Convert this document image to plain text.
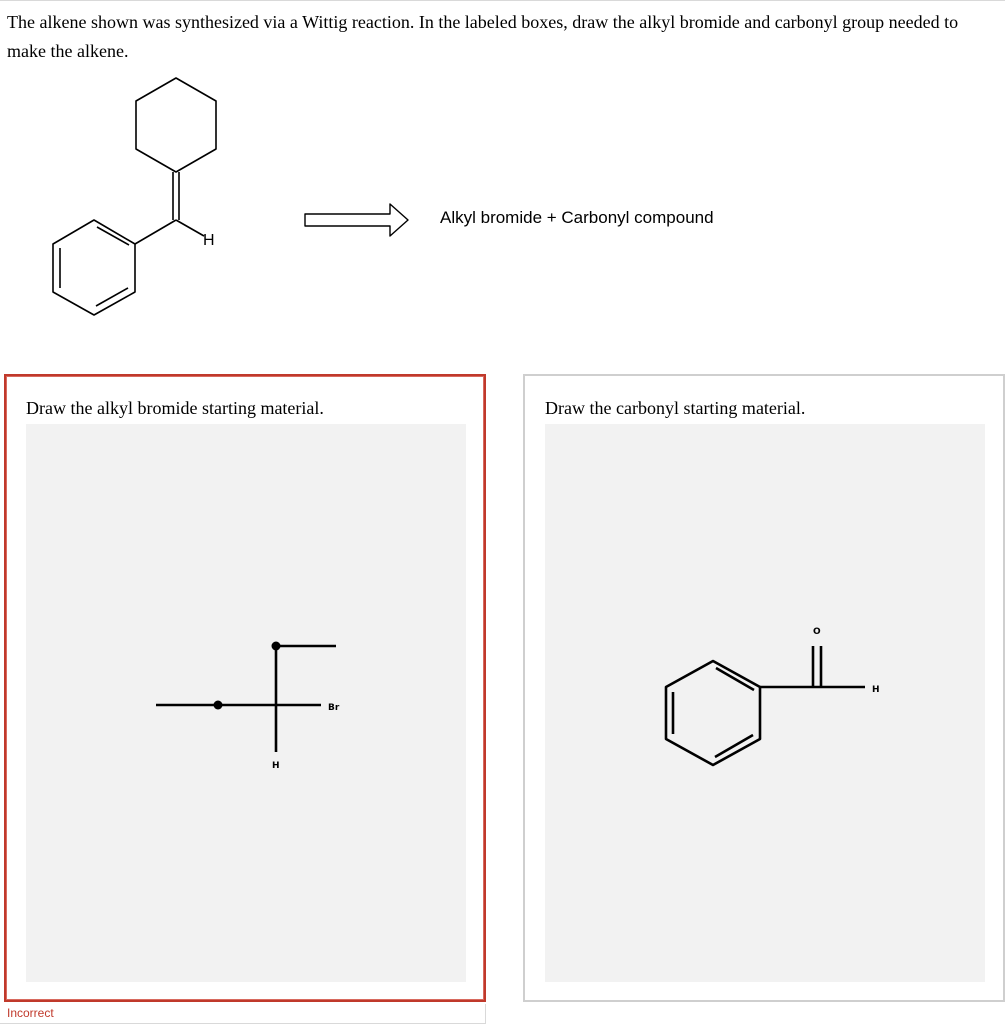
The alkene shown was synthesized via a Wittig reaction. In the labeled boxes, draw the alkyl bromide and carbonyl group needed to make the alkene.
H
Alkyl bromide + Carbonyl compound
Draw the alkyl bromide starting material.
Br
H
Draw the carbonyl starting material.
O
H
Incorrect
